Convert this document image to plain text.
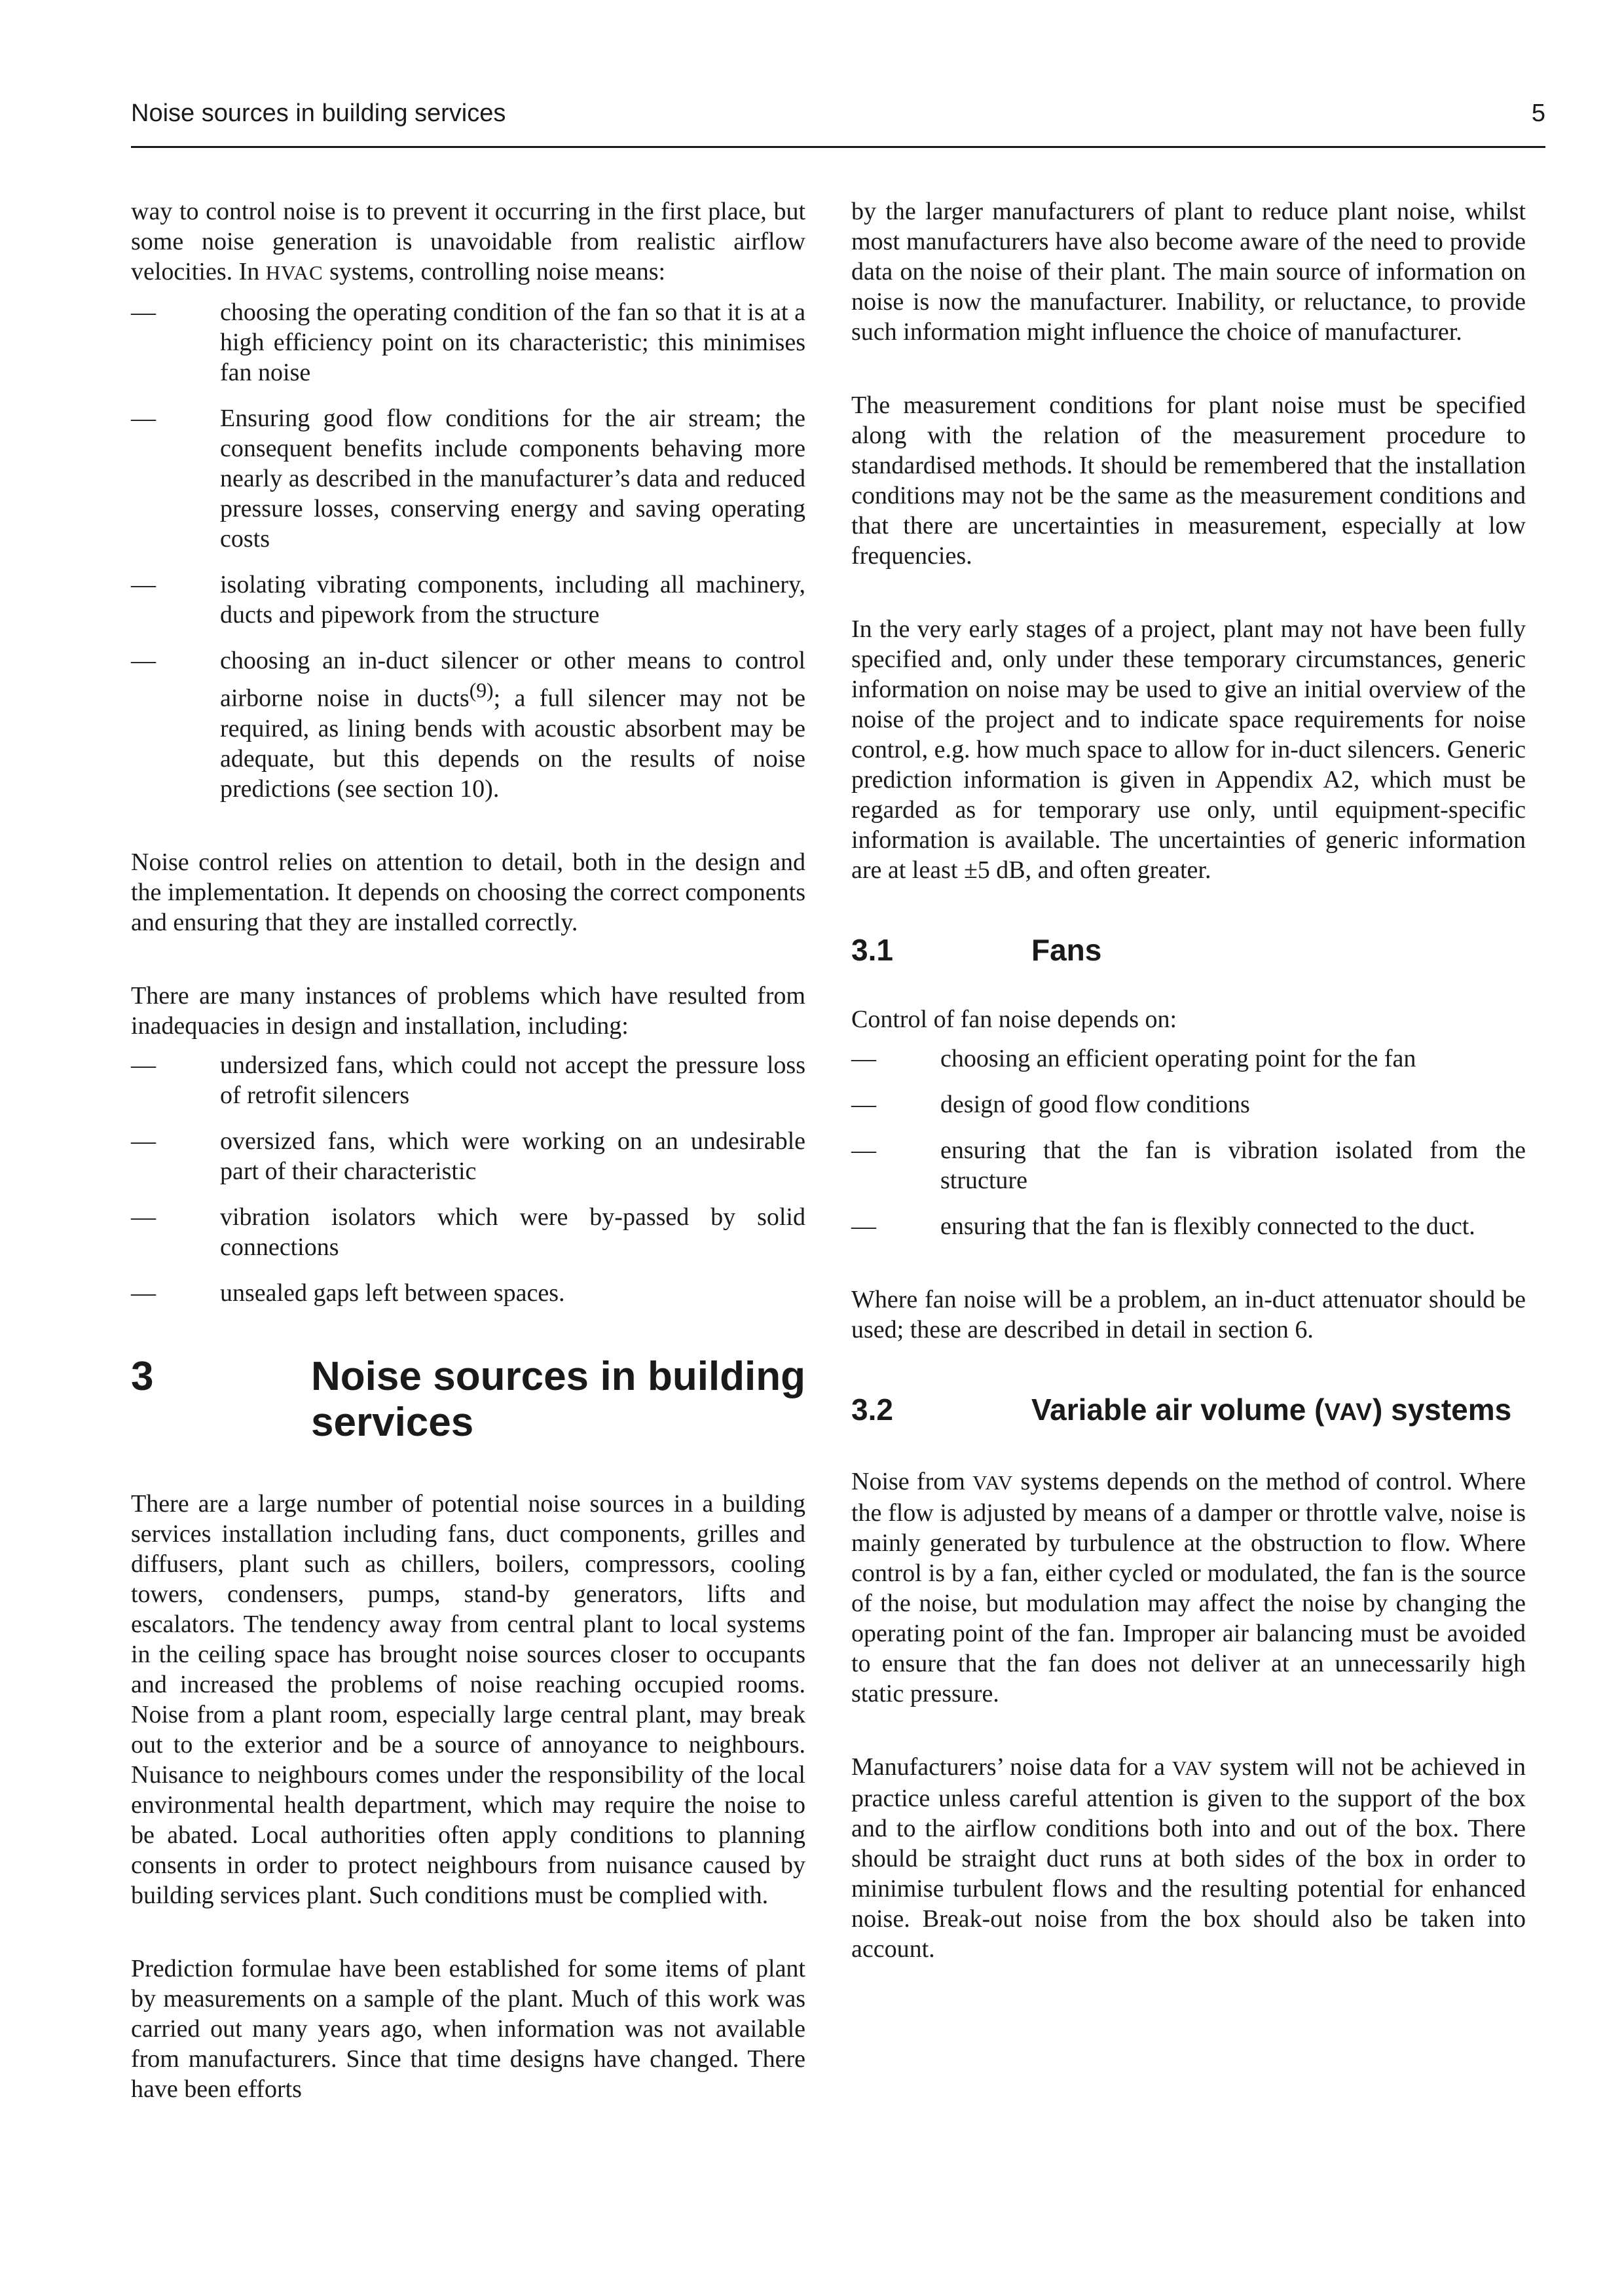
Noise sources in building services	5

way to control noise is to prevent it occurring in the first place, but some noise generation is unavoidable from realistic airflow velocities. In HVAC systems, controlling noise means:

—	choosing the operating condition of the fan so that it is at a high efficiency point on its characteristic; this minimises fan noise
—	Ensuring good flow conditions for the air stream; the consequent benefits include components behaving more nearly as described in the manufacturer’s data and reduced pressure losses, conserving energy and saving operating costs
—	isolating vibrating components, including all machinery, ducts and pipework from the structure
—	choosing an in-duct silencer or other means to control airborne noise in ducts$^{(9)}$; a full silencer may not be required, as lining bends with acoustic absorbent may be adequate, but this depends on the results of noise predictions (see section 10).

Noise control relies on attention to detail, both in the design and the implementation. It depends on choosing the correct components and ensuring that they are installed correctly.

There are many instances of problems which have resulted from inadequacies in design and installation, including:

—	undersized fans, which could not accept the pressure loss of retrofit silencers
—	oversized fans, which were working on an undesirable part of their characteristic
—	vibration isolators which were by-passed by solid connections
—	unsealed gaps left between spaces.
3	Noise sources in building services

There are a large number of potential noise sources in a building services installation including fans, duct components, grilles and diffusers, plant such as chillers, boilers, compressors, cooling towers, condensers, pumps, stand-by generators, lifts and escalators. The tendency away from central plant to local systems in the ceiling space has brought noise sources closer to occupants and increased the problems of noise reaching occupied rooms. Noise from a plant room, especially large central plant, may break out to the exterior and be a source of annoyance to neighbours. Nuisance to neighbours comes under the responsibility of the local environmental health department, which may require the noise to be abated. Local authorities often apply conditions to planning consents in order to protect neighbours from nuisance caused by building services plant. Such conditions must be complied with.

Prediction formulae have been established for some items of plant by measurements on a sample of the plant. Much of this work was carried out many years ago, when information was not available from manufacturers. Since that time designs have changed. There have been efforts

by the larger manufacturers of plant to reduce plant noise, whilst most manufacturers have also become aware of the need to provide data on the noise of their plant. The main source of information on noise is now the manufacturer. Inability, or reluctance, to provide such information might influence the choice of manufacturer.

The measurement conditions for plant noise must be specified along with the relation of the measurement procedure to standardised methods. It should be remembered that the installation conditions may not be the same as the measurement conditions and that there are uncertainties in measurement, especially at low frequencies.

In the very early stages of a project, plant may not have been fully specified and, only under these temporary circumstances, generic information on noise may be used to give an initial overview of the noise of the project and to indicate space requirements for noise control, e.g. how much space to allow for in-duct silencers. Generic prediction information is given in Appendix A2, which must be regarded as for temporary use only, until equipment-specific information is available. The uncertainties of generic information are at least ±5 dB, and often greater.

3.1	Fans

Control of fan noise depends on:

—	choosing an efficient operating point for the fan
—	design of good flow conditions
—	ensuring that the fan is vibration isolated from the structure
—	ensuring that the fan is flexibly connected to the duct.

Where fan noise will be a problem, an in-duct attenuator should be used; these are described in detail in section 6.

3.2	Variable air volume (VAV) systems

Noise from VAV systems depends on the method of control. Where the flow is adjusted by means of a damper or throttle valve, noise is mainly generated by turbulence at the obstruction to flow. Where control is by a fan, either cycled or modulated, the fan is the source of the noise, but modulation may affect the noise by changing the operating point of the fan. Improper air balancing must be avoided to ensure that the fan does not deliver at an unnecessarily high static pressure.

Manufacturers’ noise data for a VAV system will not be achieved in practice unless careful attention is given to the support of the box and to the airflow conditions both into and out of the box. There should be straight duct runs at both sides of the box in order to minimise turbulent flows and the resulting potential for enhanced noise. Break-out noise from the box should also be taken into account.
